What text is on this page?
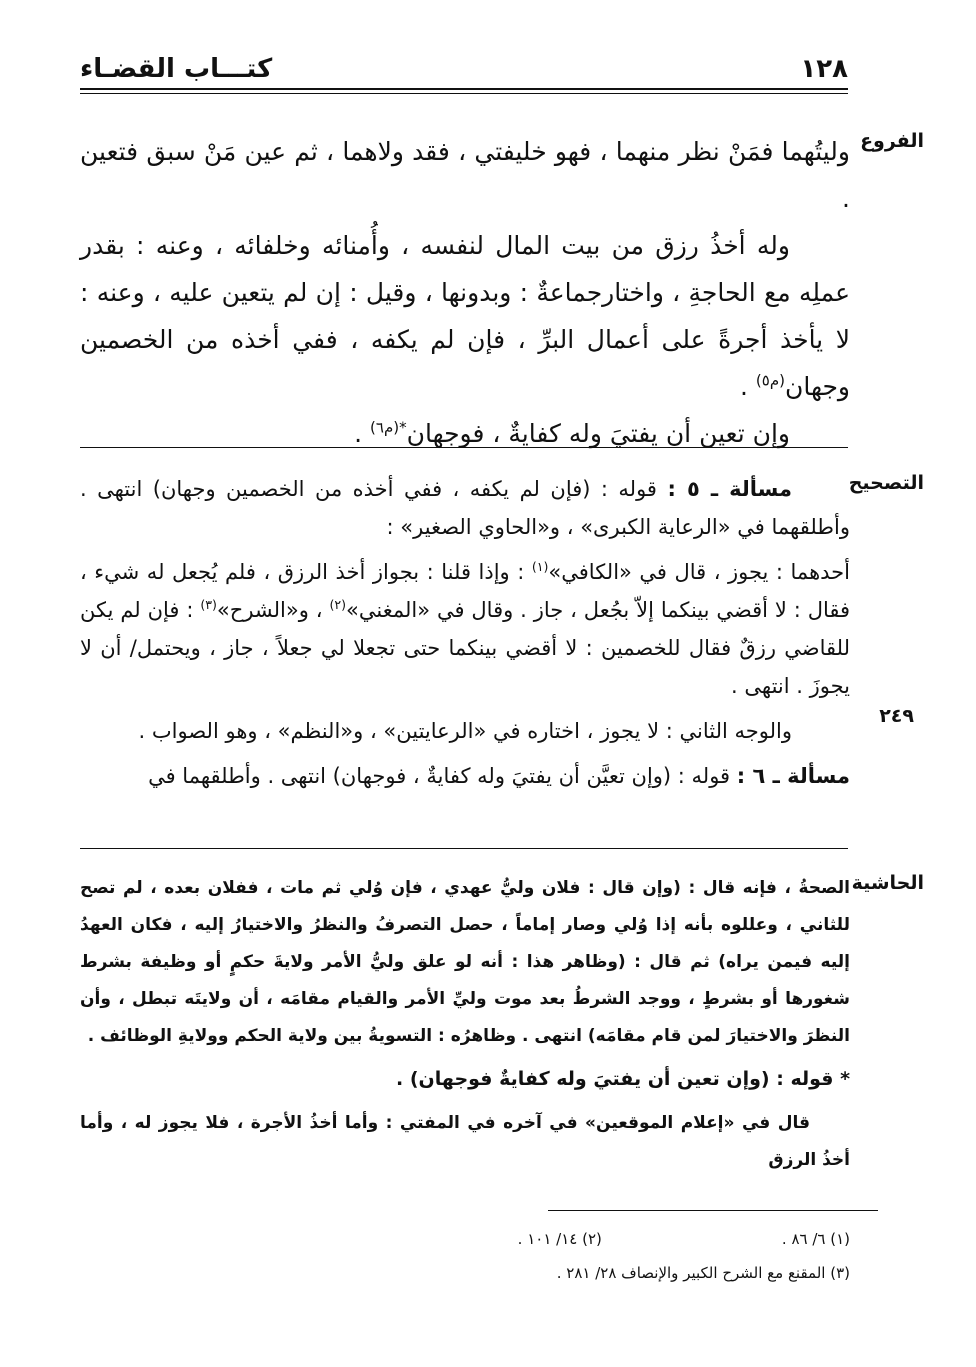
١٢٨
كتـــاب القضـاء
الفروع

وليتُهما فمَنْ نظر منهما ، فهو خليفتي ، فقد ولاهما ، ثم عين مَنْ سبق فتعين .

وله أخذُ رزق من بيت المال لنفسه ، وأُمنائه وخلفائه ، وعنه : بقدر عملِه مع الحاجةِ ، واختارجماعةٌ : وبدونها ، وقيل : إن لم يتعين عليه ، وعنه : لا يأخذ أجرةً على أعمال البرِّ ، فإن لم يكفه ، ففي أخذه من الخصمين وجهان$^{(م٥)}$ .

وإن تعين أن يفتيَ وله كفايةٌ ، فوجهان$^{*(م٦)}$ .

التصحيح
٢٤٩

مسألة ـ ٥ : قوله : (فإن لم يكفه ، ففي أخذه من الخصمين وجهان) انتهى . وأطلقهما في «الرعاية الكبرى» ، و«الحاوي الصغير» :

أحدهما : يجوز ، قال في «الكافي»$^{(١)}$ : وإذا قلنا : بجواز أخذ الرزق ، فلم يُجعل له شيء ، فقال : لا أقضي بينكما إلاّ بجُعل ، جاز . وقال في «المغني»$^{(٢)}$ ، و«الشرح»$^{(٣)}$ : فإن لم يكن للقاضي رزقٌ فقال للخصمين : لا أقضي بينكما حتى تجعلا لي جعلاً ، جاز ، ويحتمل/ أن لا يجوزَ . انتهى .

والوجه الثاني : لا يجوز ، اختاره في «الرعايتين» ، و«النظم» ، وهو الصواب .

مسألة ـ ٦ : قوله : (وإن تعيَّن أن يفتيَ وله كفايةٌ ، فوجهان) انتهى . وأطلقهما في

الحاشية

الصحةُ ، فإنه قال : (وإن قال : فلان وليُّ عهدي ، فإن وُلي ثم مات ، ففلان بعده ، لم تصح للثاني ، وعللوه بأنه إذا وُلي وصار إماماً ، حصل التصرفُ والنظرُ والاختيارُ إليه ، فكان العهدُ إليه فيمن يراه) ثم قال : (وظاهر هذا : أنه لو علق وليُّ الأمر ولايةَ حكمٍ أو وظيفة بشرط شغورها أو بشرطٍ ، ووجد الشرطُ بعد موت وليِّ الأمر والقيام مقامَه ، أن ولايتَه تبطل ، وأن النظرَ والاختيارَ لمن قام مقامَه) انتهى . وظاهرُه : التسويةُ بين ولاية الحكم وولايةِ الوظائف .

* قوله : (وإن تعين أن يفتيَ وله كفايةٌ فوجهان) .

قال في «إعلام الموقعين» في آخره في المفتي : وأما أخذُ الأجرة ، فلا يجوز له ، وأما أخذُ الرزق

(١) ٦/ ٨٦ .
(٢) ١٤/ ١٠١ .
(٣) المقنع مع الشرح الكبير والإنصاف ٢٨/ ٢٨١ .
